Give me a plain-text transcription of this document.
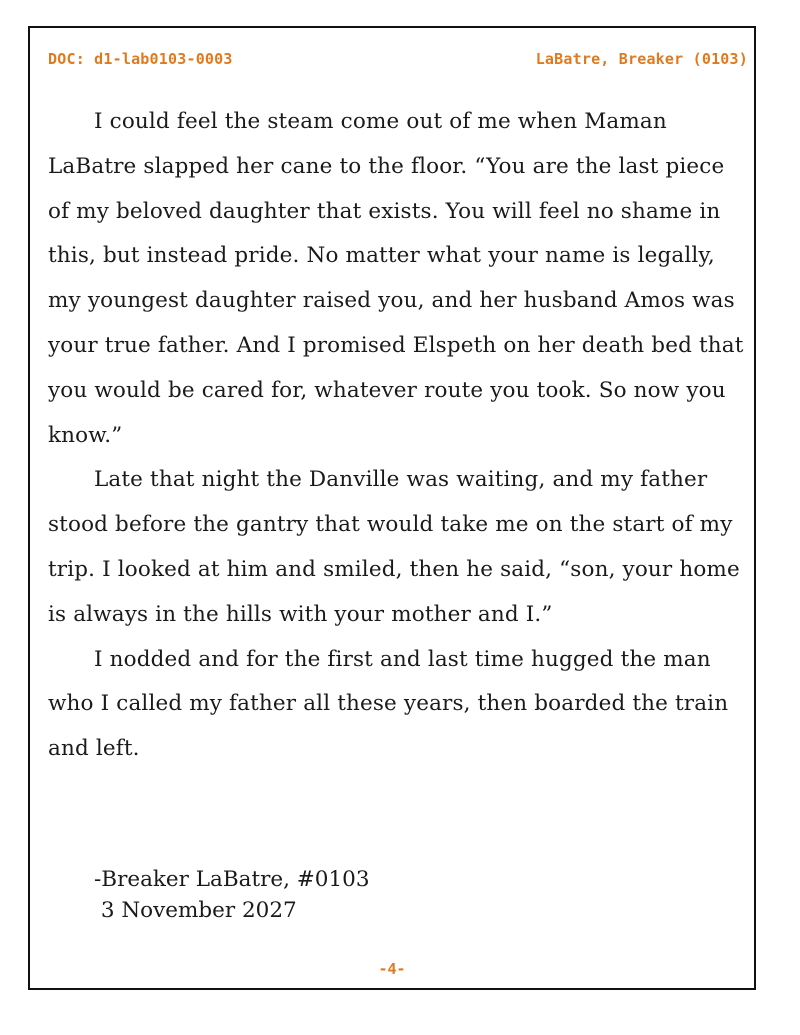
DOC: d1-lab0103-0003	LaBatre, Breaker (0103)

I could feel the steam come out of me when Maman LaBatre slapped her cane to the floor. “You are the last piece of my beloved daughter that exists. You will feel no shame in this, but instead pride. No matter what your name is legally, my youngest daughter raised you, and her husband Amos was your true father. And I promised Elspeth on her death bed that you would be cared for, whatever route you took. So now you know.”

Late that night the Danville was waiting, and my father stood before the gantry that would take me on the start of my trip. I looked at him and smiled, then he said, “son, your home is always in the hills with your mother and I.”

I nodded and for the first and last time hugged the man who I called my father all these years, then boarded the train and left.

-Breaker LaBatre, #0103
3 November 2027
-4-
